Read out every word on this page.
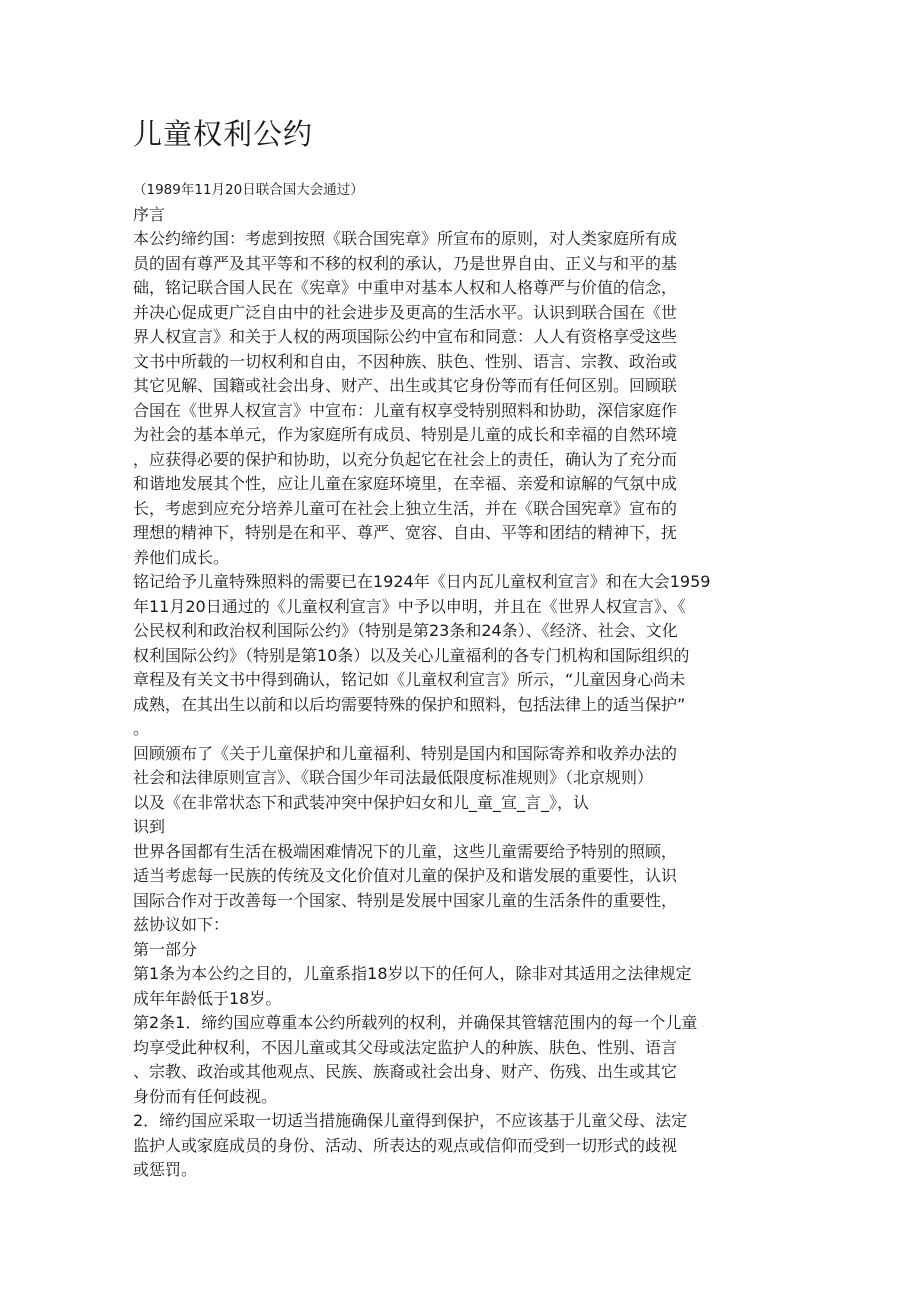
儿童权利公约
（1989年11月20日联合国大会通过）
序言
本公约缔约国：考虑到按照《联合国宪章》所宣布的原则，对人类家庭所有成
员的固有尊严及其平等和不移的权利的承认，乃是世界自由、正义与和平的基
础，铭记联合国人民在《宪章》中重申对基本人权和人格尊严与价值的信念，
并决心促成更广泛自由中的社会进步及更高的生活水平。认识到联合国在《世
界人权宣言》和关于人权的两项国际公约中宣布和同意：人人有资格享受这些
文书中所载的一切权利和自由，不因种族、肤色、性别、语言、宗教、政治或
其它见解、国籍或社会出身、财产、出生或其它身份等而有任何区别。回顾联
合国在《世界人权宣言》中宣布：儿童有权享受特别照料和协助，深信家庭作
为社会的基本单元，作为家庭所有成员、特别是儿童的成长和幸福的自然环境
，应获得必要的保护和协助，以充分负起它在社会上的责任，确认为了充分而
和谐地发展其个性，应让儿童在家庭环境里，在幸福、亲爱和谅解的气氛中成
长，考虑到应充分培养儿童可在社会上独立生活，并在《联合国宪章》宣布的
理想的精神下，特别是在和平、尊严、宽容、自由、平等和团结的精神下，抚
养他们成长。
铭记给予儿童特殊照料的需要已在1924年《日内瓦儿童权利宣言》和在大会1959
年11月20日通过的《儿童权利宣言》中予以申明，并且在《世界人权宣言》、《
公民权利和政治权利国际公约》（特别是第23条和24条）、《经济、社会、文化
权利国际公约》（特别是第10条）以及关心儿童福利的各专门机构和国际组织的
章程及有关文书中得到确认，铭记如《儿童权利宣言》所示，“儿童因身心尚未
成熟，在其出生以前和以后均需要特殊的保护和照料，包括法律上的适当保护”
。
回顾颁布了《关于儿童保护和儿童福利、特别是国内和国际寄养和收养办法的
社会和法律原则宣言》、《联合国少年司法最低限度标准规则》（北京规则）
以及《在非常状态下和武装冲突中保护妇女和儿_童_宣_言_》，认
识到
世界各国都有生活在极端困难情况下的儿童，这些儿童需要给予特别的照顾，
适当考虑每一民族的传统及文化价值对儿童的保护及和谐发展的重要性，认识
国际合作对于改善每一个国家、特别是发展中国家儿童的生活条件的重要性，
兹协议如下：
第一部分
第1条为本公约之目的，儿童系指18岁以下的任何人，除非对其适用之法律规定
成年年龄低于18岁。
第2条1．缔约国应尊重本公约所载列的权利，并确保其管辖范围内的每一个儿童
均享受此种权利，不因儿童或其父母或法定监护人的种族、肤色、性别、语言
、宗教、政治或其他观点、民族、族裔或社会出身、财产、伤残、出生或其它
身份而有任何歧视。
2．缔约国应采取一切适当措施确保儿童得到保护，不应该基于儿童父母、法定
监护人或家庭成员的身份、活动、所表达的观点或信仰而受到一切形式的歧视
或惩罚。
